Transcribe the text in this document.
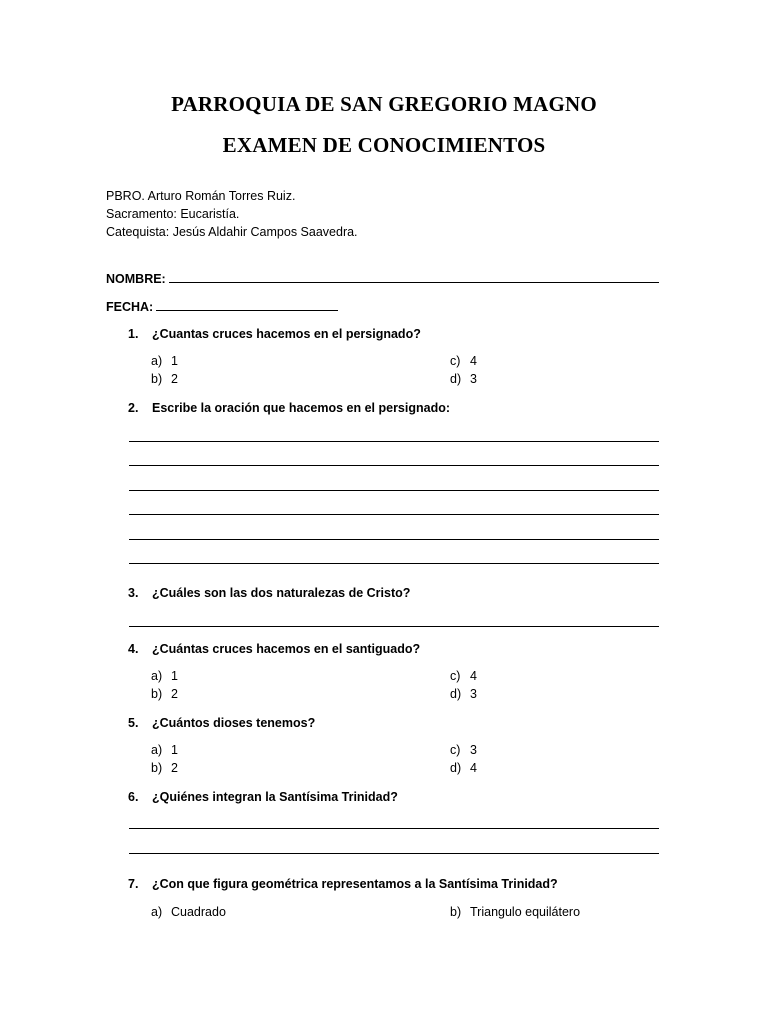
PARROQUIA DE SAN GREGORIO MAGNO
EXAMEN DE CONOCIMIENTOS
PBRO. Arturo Román Torres Ruiz.
Sacramento: Eucaristía.
Catequista: Jesús Aldahir Campos Saavedra.
NOMBRE:
FECHA:
1. ¿Cuantas cruces hacemos en el persignado?
a) 1
b) 2
c) 4
d) 3
2. Escribe la oración que hacemos en el persignado:
3. ¿Cuáles son las dos naturalezas de Cristo?
4. ¿Cuántas cruces hacemos en el santiguado?
a) 1
b) 2
c) 4
d) 3
5. ¿Cuántos dioses tenemos?
a) 1
b) 2
c) 3
d) 4
6. ¿Quiénes integran la Santísima Trinidad?
7. ¿Con que figura geométrica representamos a la Santísima Trinidad?
a) Cuadrado	b) Triangulo equilátero
